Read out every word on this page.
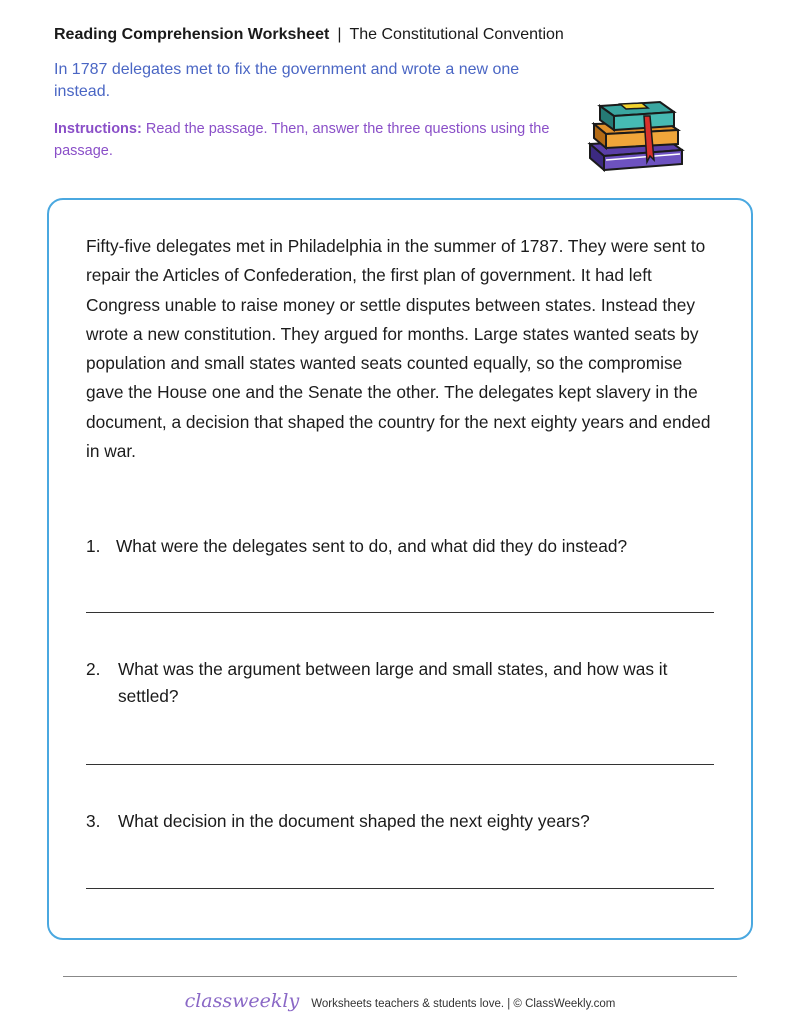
Reading Comprehension Worksheet | The Constitutional Convention
In 1787 delegates met to fix the government and wrote a new one instead.
Instructions: Read the passage. Then, answer the three questions using the passage.
Fifty-five delegates met in Philadelphia in the summer of 1787. They were sent to repair the Articles of Confederation, the first plan of government. It had left Congress unable to raise money or settle disputes between states. Instead they wrote a new constitution. They argued for months. Large states wanted seats by population and small states wanted seats counted equally, so the compromise gave the House one and the Senate the other. The delegates kept slavery in the document, a decision that shaped the country for the next eighty years and ended in war.
1. What were the delegates sent to do, and what did they do instead?
2.	What was the argument between large and small states, and how was it settled?
3.	What decision in the document shaped the next eighty years?
classweekly Worksheets teachers & students love. | © ClassWeekly.com
